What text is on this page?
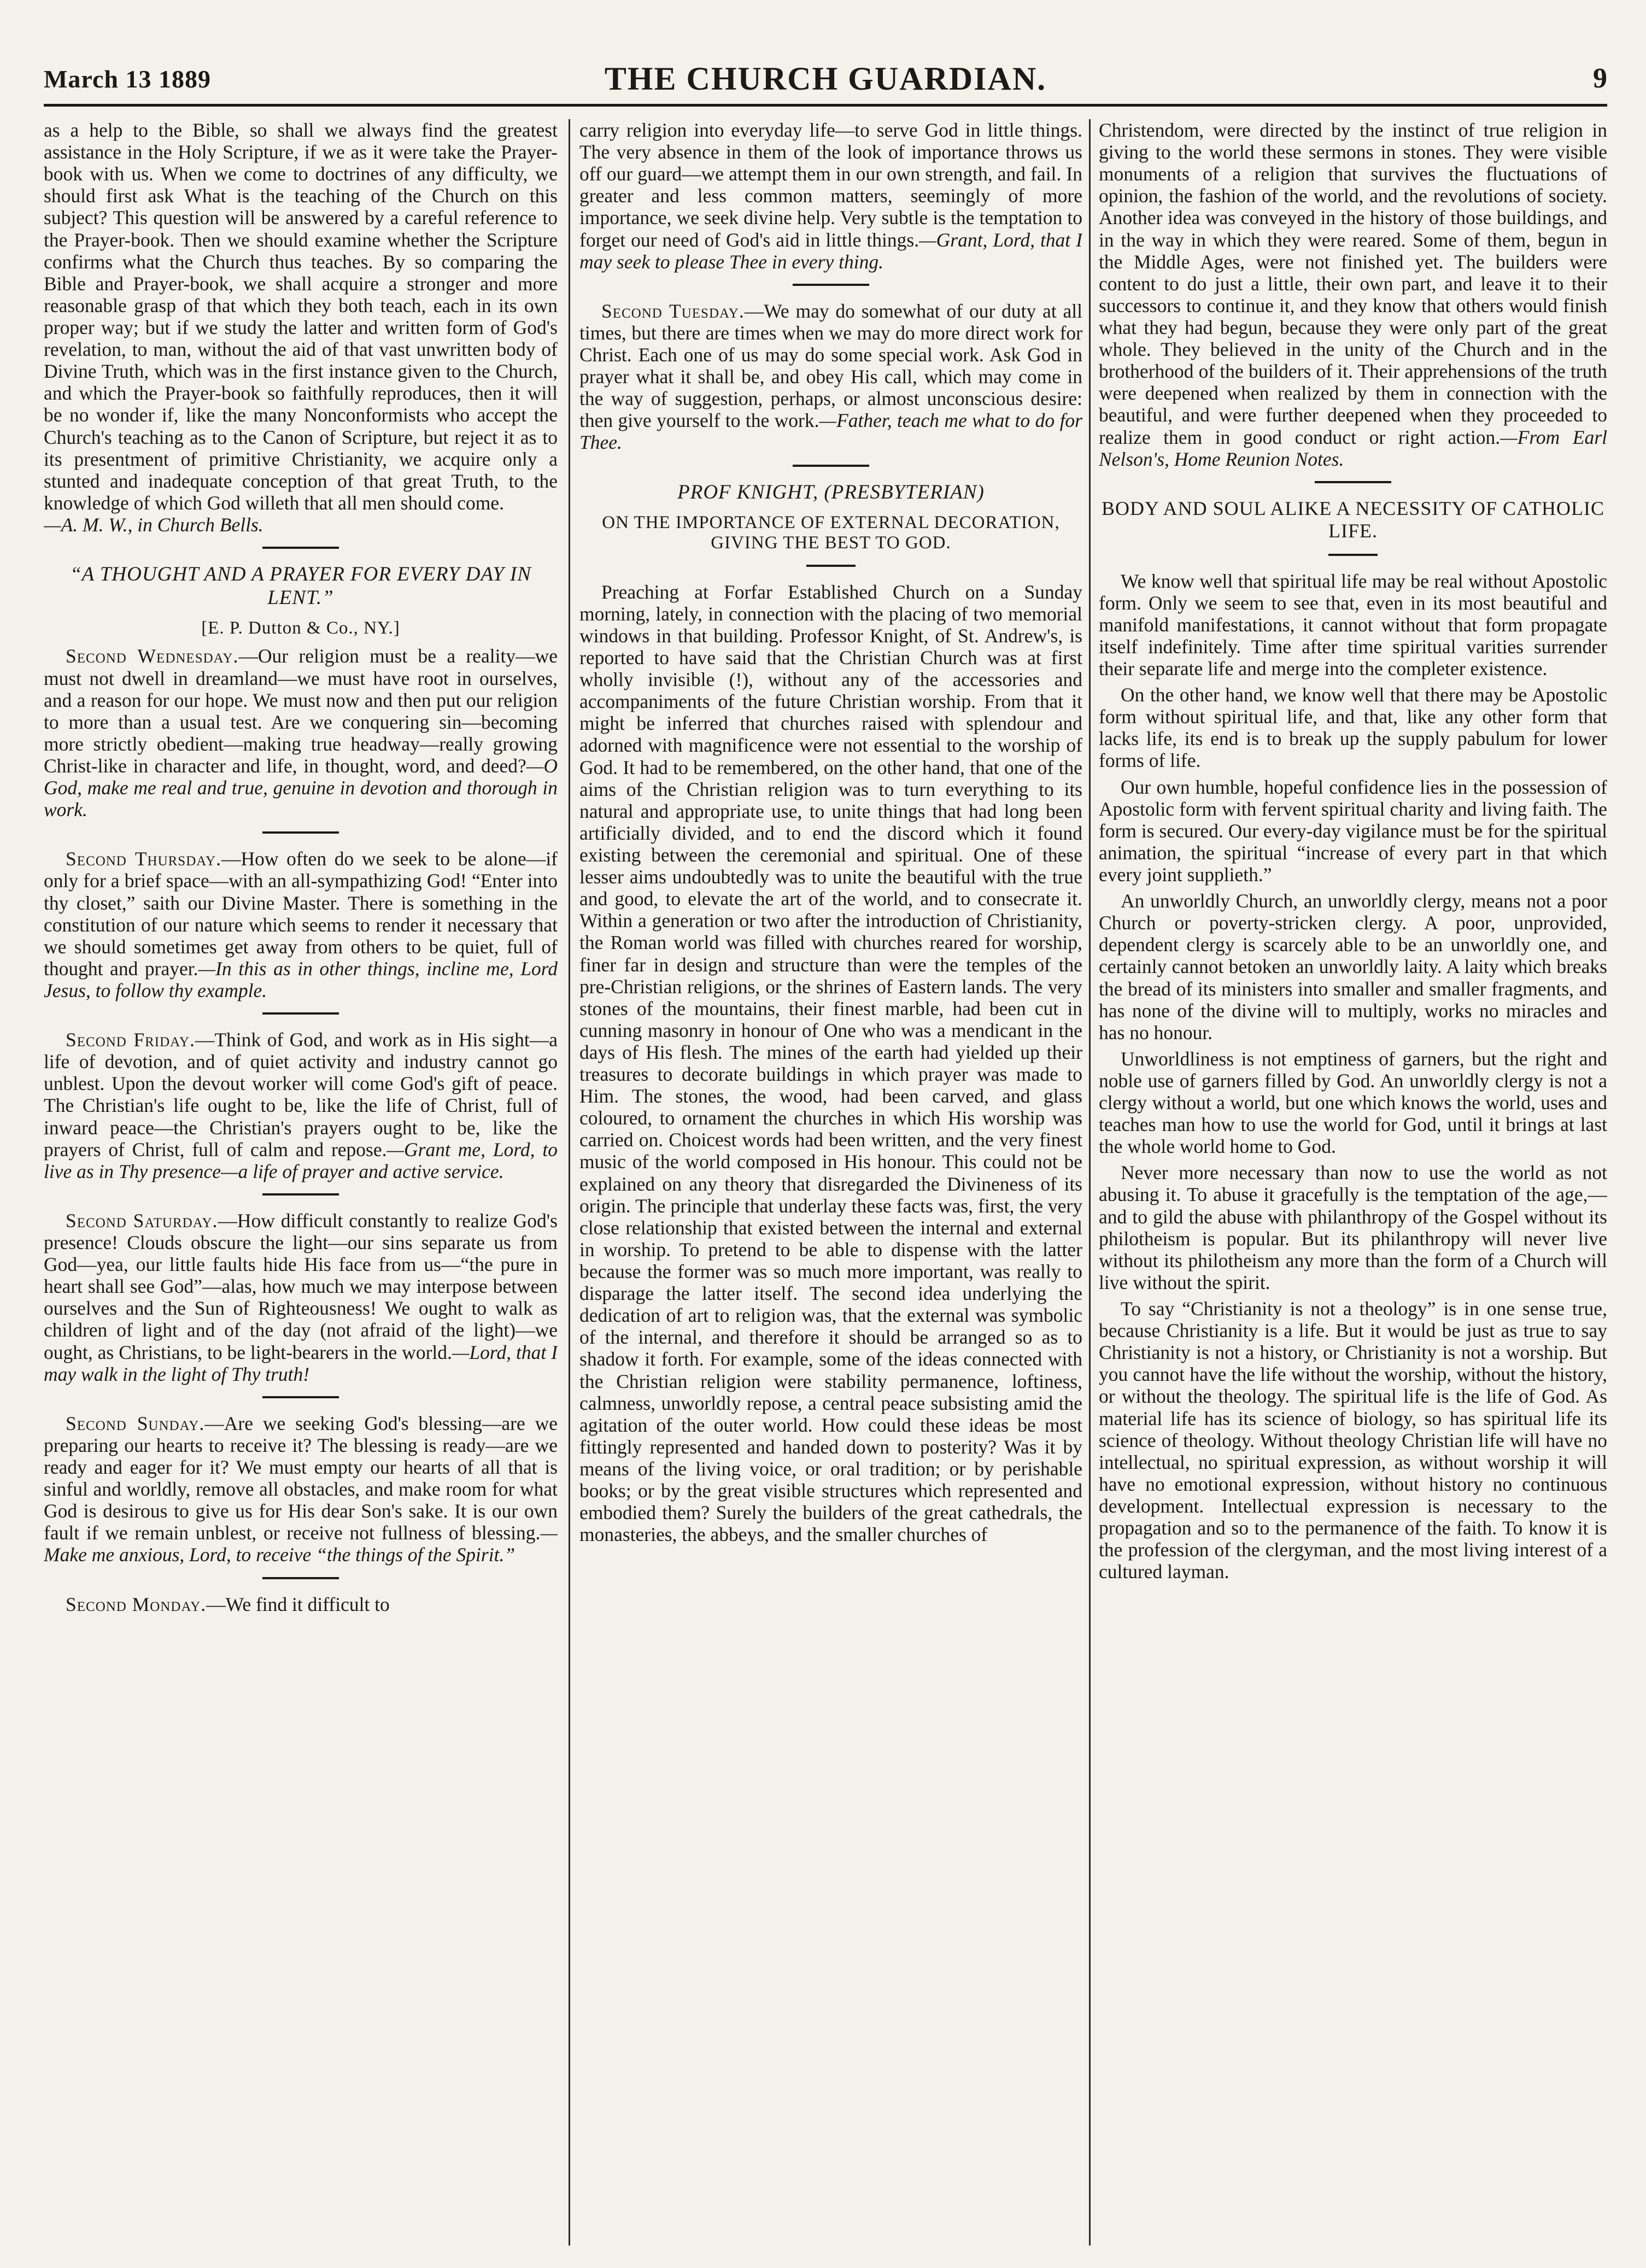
March 13 1889	THE CHURCH GUARDIAN.	9

as a help to the Bible, so shall we always find the greatest assistance in the Holy Scripture, if we as it were take the Prayer-book with us. When we come to doctrines of any difficulty, we should first ask What is the teaching of the Church on this subject? This question will be answered by a careful reference to the Prayer-book. Then we should examine whether the Scripture confirms what the Church thus teaches. By so comparing the Bible and Prayer-book, we shall acquire a stronger and more reasonable grasp of that which they both teach, each in its own proper way; but if we study the latter and written form of God's revelation, to man, without the aid of that vast unwritten body of Divine Truth, which was in the first instance given to the Church, and which the Prayer-book so faithfully reproduces, then it will be no wonder if, like the many Nonconformists who accept the Church's teaching as to the Canon of Scripture, but reject it as to its presentment of primitive Christianity, we acquire only a stunted and inadequate conception of that great Truth, to the knowledge of which God willeth that all men should come.
—A. M. W., in Church Bells.

“A THOUGHT AND A PRAYER FOR EVERY DAY IN LENT.”
[E. P. Dutton & Co., NY.]

Second Wednesday.—Our religion must be a reality—we must not dwell in dreamland—we must have root in ourselves, and a reason for our hope. We must now and then put our religion to more than a usual test. Are we conquering sin—becoming more strictly obedient—making true headway—really growing Christ-like in character and life, in thought, word, and deed?—O God, make me real and true, genuine in devotion and thorough in work.

Second Thursday.—How often do we seek to be alone—if only for a brief space—with an all-sympathizing God! “Enter into thy closet,” saith our Divine Master. There is something in the constitution of our nature which seems to render it necessary that we should sometimes get away from others to be quiet, full of thought and prayer.—In this as in other things, incline me, Lord Jesus, to follow thy example.

Second Friday.—Think of God, and work as in His sight—a life of devotion, and of quiet activity and industry cannot go unblest. Upon the devout worker will come God's gift of peace. The Christian's life ought to be, like the life of Christ, full of inward peace—the Christian's prayers ought to be, like the prayers of Christ, full of calm and repose.—Grant me, Lord, to live as in Thy presence—a life of prayer and active service.

Second Saturday.—How difficult constantly to realize God's presence! Clouds obscure the light—our sins separate us from God—yea, our little faults hide His face from us—“the pure in heart shall see God”—alas, how much we may interpose between ourselves and the Sun of Righteousness! We ought to walk as children of light and of the day (not afraid of the light)—we ought, as Christians, to be light-bearers in the world.—Lord, that I may walk in the light of Thy truth!

Second Sunday.—Are we seeking God's blessing—are we preparing our hearts to receive it? The blessing is ready—are we ready and eager for it? We must empty our hearts of all that is sinful and worldly, remove all obstacles, and make room for what God is desirous to give us for His dear Son's sake. It is our own fault if we remain unblest, or receive not fullness of blessing.—Make me anxious, Lord, to receive “the things of the Spirit.”

Second Monday.—We find it difficult to

carry religion into everyday life—to serve God in little things. The very absence in them of the look of importance throws us off our guard—we attempt them in our own strength, and fail. In greater and less common matters, seemingly of more importance, we seek divine help. Very subtle is the temptation to forget our need of God's aid in little things.—Grant, Lord, that I may seek to please Thee in every thing.

Second Tuesday.—We may do somewhat of our duty at all times, but there are times when we may do more direct work for Christ. Each one of us may do some special work. Ask God in prayer what it shall be, and obey His call, which may come in the way of suggestion, perhaps, or almost unconscious desire: then give yourself to the work.—Father, teach me what to do for Thee.

PROF KNIGHT, (PRESBYTERIAN)
ON THE IMPORTANCE OF EXTERNAL DECORATION, GIVING THE BEST TO GOD.

Preaching at Forfar Established Church on a Sunday morning, lately, in connection with the placing of two memorial windows in that building. Professor Knight, of St. Andrew's, is reported to have said that the Christian Church was at first wholly invisible (!), without any of the accessories and accompaniments of the future Christian worship. From that it might be inferred that churches raised with splendour and adorned with magnificence were not essential to the worship of God. It had to be remembered, on the other hand, that one of the aims of the Christian religion was to turn everything to its natural and appropriate use, to unite things that had long been artificially divided, and to end the discord which it found existing between the ceremonial and spiritual. One of these lesser aims undoubtedly was to unite the beautiful with the true and good, to elevate the art of the world, and to consecrate it. Within a generation or two after the introduction of Christianity, the Roman world was filled with churches reared for worship, finer far in design and structure than were the temples of the pre-Christian religions, or the shrines of Eastern lands. The very stones of the mountains, their finest marble, had been cut in cunning masonry in honour of One who was a mendicant in the days of His flesh. The mines of the earth had yielded up their treasures to decorate buildings in which prayer was made to Him. The stones, the wood, had been carved, and glass coloured, to ornament the churches in which His worship was carried on. Choicest words had been written, and the very finest music of the world composed in His honour. This could not be explained on any theory that disregarded the Divineness of its origin. The principle that underlay these facts was, first, the very close relationship that existed between the internal and external in worship. To pretend to be able to dispense with the latter because the former was so much more important, was really to disparage the latter itself. The second idea underlying the dedication of art to religion was, that the external was symbolic of the internal, and therefore it should be arranged so as to shadow it forth. For example, some of the ideas connected with the Christian religion were stability permanence, loftiness, calmness, unworldly repose, a central peace subsisting amid the agitation of the outer world. How could these ideas be most fittingly represented and handed down to posterity? Was it by means of the living voice, or oral tradition; or by perishable books; or by the great visible structures which represented and embodied them? Surely the builders of the great cathedrals, the monasteries, the abbeys, and the smaller churches of

Christendom, were directed by the instinct of true religion in giving to the world these sermons in stones. They were visible monuments of a religion that survives the fluctuations of opinion, the fashion of the world, and the revolutions of society. Another idea was conveyed in the history of those buildings, and in the way in which they were reared. Some of them, begun in the Middle Ages, were not finished yet. The builders were content to do just a little, their own part, and leave it to their successors to continue it, and they know that others would finish what they had begun, because they were only part of the great whole. They believed in the unity of the Church and in the brotherhood of the builders of it. Their apprehensions of the truth were deepened when realized by them in connection with the beautiful, and were further deepened when they proceeded to realize them in good conduct or right action.—From Earl Nelson's, Home Reunion Notes.

BODY AND SOUL ALIKE A NECESSITY OF CATHOLIC LIFE.

We know well that spiritual life may be real without Apostolic form. Only we seem to see that, even in its most beautiful and manifold manifestations, it cannot without that form propagate itself indefinitely. Time after time spiritual varities surrender their separate life and merge into the completer existence.

On the other hand, we know well that there may be Apostolic form without spiritual life, and that, like any other form that lacks life, its end is to break up the supply pabulum for lower forms of life.

Our own humble, hopeful confidence lies in the possession of Apostolic form with fervent spiritual charity and living faith. The form is secured. Our every-day vigilance must be for the spiritual animation, the spiritual “increase of every part in that which every joint supplieth.”

An unworldly Church, an unworldly clergy, means not a poor Church or poverty-stricken clergy. A poor, unprovided, dependent clergy is scarcely able to be an unworldly one, and certainly cannot betoken an unworldly laity. A laity which breaks the bread of its ministers into smaller and smaller fragments, and has none of the divine will to multiply, works no miracles and has no honour.

Unworldliness is not emptiness of garners, but the right and noble use of garners filled by God. An unworldly clergy is not a clergy without a world, but one which knows the world, uses and teaches man how to use the world for God, until it brings at last the whole world home to God.

Never more necessary than now to use the world as not abusing it. To abuse it gracefully is the temptation of the age,—and to gild the abuse with philanthropy of the Gospel without its philotheism is popular. But its philanthropy will never live without its philotheism any more than the form of a Church will live without the spirit.

To say “Christianity is not a theology” is in one sense true, because Christianity is a life. But it would be just as true to say Christianity is not a history, or Christianity is not a worship. But you cannot have the life without the worship, without the history, or without the theology. The spiritual life is the life of God. As material life has its science of biology, so has spiritual life its science of theology. Without theology Christian life will have no intellectual, no spiritual expression, as without worship it will have no emotional expression, without history no continuous development. Intellectual expression is necessary to the propagation and so to the permanence of the faith. To know it is the profession of the clergyman, and the most living interest of a cultured layman.
